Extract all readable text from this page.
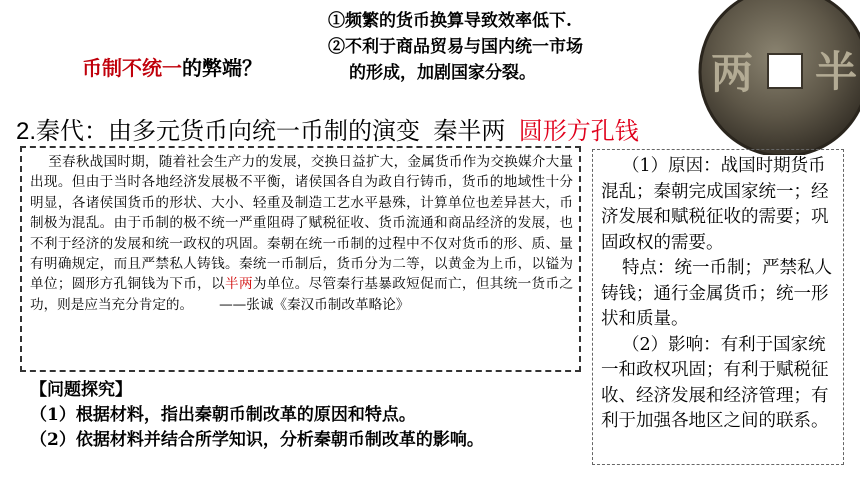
币制不统一的弊端？
①频繁的货币换算导致效率低下.
②不利于商品贸易与国内统一市场
的形成，加剧国家分裂。	半
两
2.秦代：由多元货币向统一币制的演变 秦半两 圆形方孔钱
至春秋战国时期，随着社会生产力的发展，交换日益扩大，金属货币作为交换媒介大量出现。但由于当时各地经济发展极不平衡，诸侯国各自为政自行铸币，货币的地域性十分明显，各诸侯国货币的形状、大小、轻重及制造工艺水平悬殊，计算单位也差异甚大，币制极为混乱。由于币制的极不统一严重阻碍了赋税征收、货币流通和商品经济的发展，也不利于经济的发展和统一政权的巩固。秦朝在统一币制的过程中不仅对货币的形、质、量有明确规定，而且严禁私人铸钱。秦统一币制后，货币分为二等，以黄金为上币，以镒为单位；圆形方孔铜钱为下币，以半两为单位。尽管秦行基暴政短促而亡，但其统一货币之功，则是应当充分肯定的。 ——张诚《秦汉币制改革略论》
【问题探究】
（1）根据材料，指出秦朝币制改革的原因和特点。
（2）依据材料并结合所学知识，分析秦朝币制改革的影响。

（1）原因：战国时期货币混乱；秦朝完成国家统一；经济发展和赋税征收的需要；巩固政权的需要。

特点：统一币制；严禁私人铸钱；通行金属货币；统一形状和质量。

（2）影响：有利于国家统一和政权巩固；有利于赋税征收、经济发展和经济管理；有利于加强各地区之间的联系。
